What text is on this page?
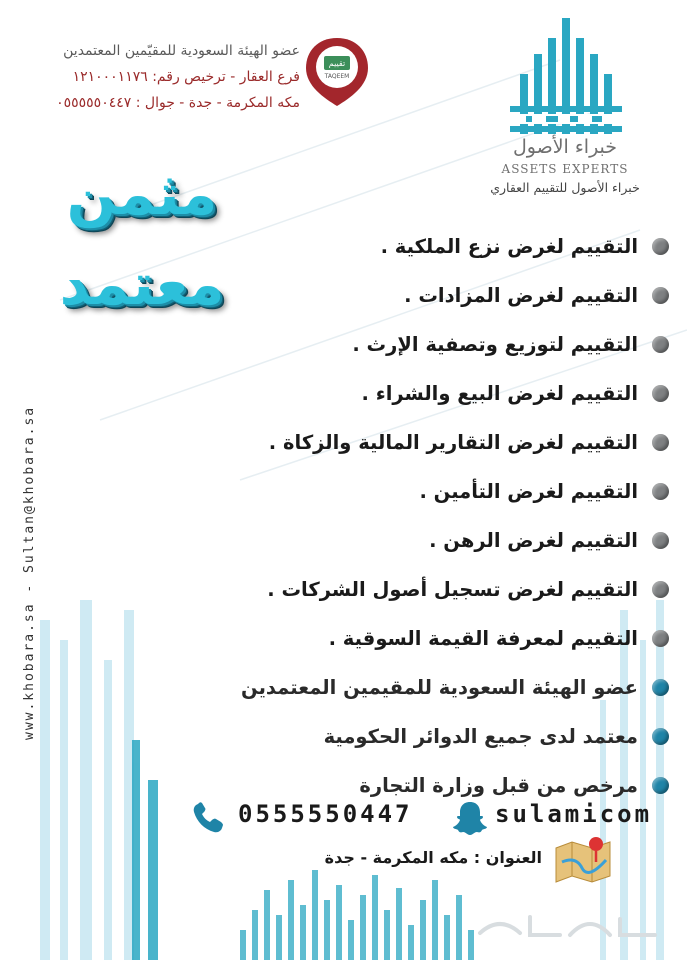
عضو الهيئة السعودية للمقيّمين المعتمدين
فرع العقار - ترخيص رقم: ١٢١٠٠٠١١٧٦
مكه المكرمة - جدة - جوال : ٠٥٥٥٥٥٠٤٤٧
تقييم
TAQEEM
خبراء الأصول
ASSETS EXPERTS
خبراء الأصول للتقييم العقاري
مثمن
معتمد
www.khobara.sa - Sultan@khobara.sa
التقييم لغرض نزع الملكية .
التقييم لغرض المزادات .
التقييم لتوزيع وتصفية الإرث .
التقييم لغرض البيع والشراء .
التقييم لغرض التقارير المالية والزكاة .
التقييم لغرض التأمين .
التقييم لغرض الرهن .
التقييم لغرض تسجيل أصول الشركات .
التقييم لمعرفة القيمة السوقية .
عضو الهيئة السعودية للمقيمين المعتمدين
معتمد لدى جميع الدوائر الحكومية
مرخص من قبل وزارة التجارة
0555550447	sulamicom
العنوان : مكه المكرمة - جدة
